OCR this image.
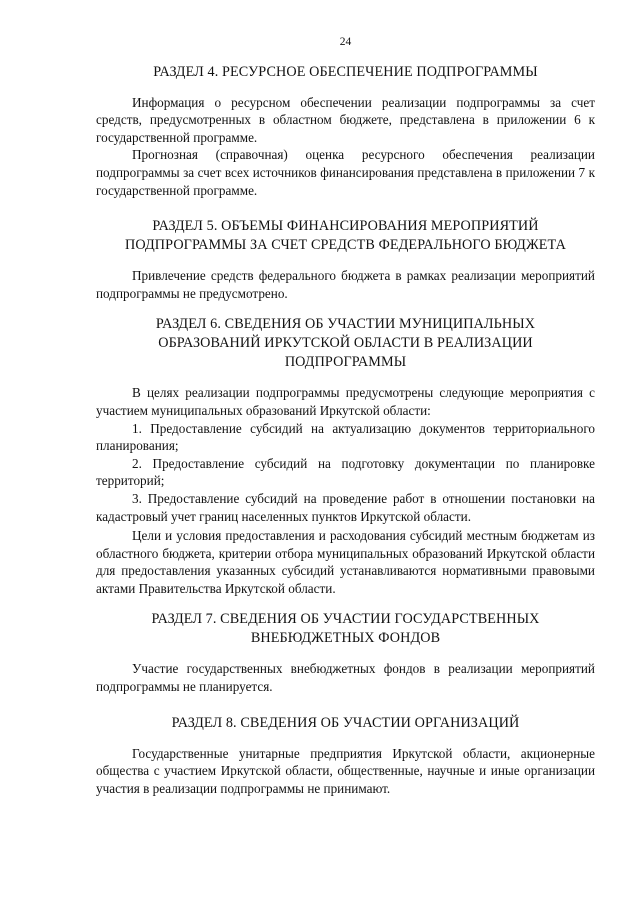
24
РАЗДЕЛ 4. РЕСУРСНОЕ ОБЕСПЕЧЕНИЕ ПОДПРОГРАММЫ

Информация о ресурсном обеспечении реализации подпрограммы за счет средств, предусмотренных в областном бюджете, представлена в приложении 6 к государственной программе.

Прогнозная (справочная) оценка ресурсного обеспечения реализации подпрограммы за счет всех источников финансирования представлена в приложении 7 к государственной программе.

РАЗДЕЛ 5. ОБЪЕМЫ ФИНАНСИРОВАНИЯ МЕРОПРИЯТИЙ
ПОДПРОГРАММЫ ЗА СЧЕТ СРЕДСТВ ФЕДЕРАЛЬНОГО БЮДЖЕТА

Привлечение средств федерального бюджета в рамках реализации мероприятий подпрограммы не предусмотрено.

РАЗДЕЛ 6. СВЕДЕНИЯ ОБ УЧАСТИИ МУНИЦИПАЛЬНЫХ
ОБРАЗОВАНИЙ ИРКУТСКОЙ ОБЛАСТИ В РЕАЛИЗАЦИИ
ПОДПРОГРАММЫ

В целях реализации подпрограммы предусмотрены следующие мероприятия с участием муниципальных образований Иркутской области:

1. Предоставление субсидий на актуализацию документов территориального планирования;

2. Предоставление субсидий на подготовку документации по планировке территорий;

3. Предоставление субсидий на проведение работ в отношении постановки на кадастровый учет границ населенных пунктов Иркутской области.

Цели и условия предоставления и расходования субсидий местным бюджетам из областного бюджета, критерии отбора муниципальных образований Иркутской области для предоставления указанных субсидий устанавливаются нормативными правовыми актами Правительства Иркутской области.

РАЗДЕЛ 7. СВЕДЕНИЯ ОБ УЧАСТИИ ГОСУДАРСТВЕННЫХ
ВНЕБЮДЖЕТНЫХ ФОНДОВ

Участие государственных внебюджетных фондов в реализации мероприятий подпрограммы не планируется.

РАЗДЕЛ 8. СВЕДЕНИЯ ОБ УЧАСТИИ ОРГАНИЗАЦИЙ

Государственные унитарные предприятия Иркутской области, акционерные общества с участием Иркутской области, общественные, научные и иные организации участия в реализации подпрограммы не принимают.
